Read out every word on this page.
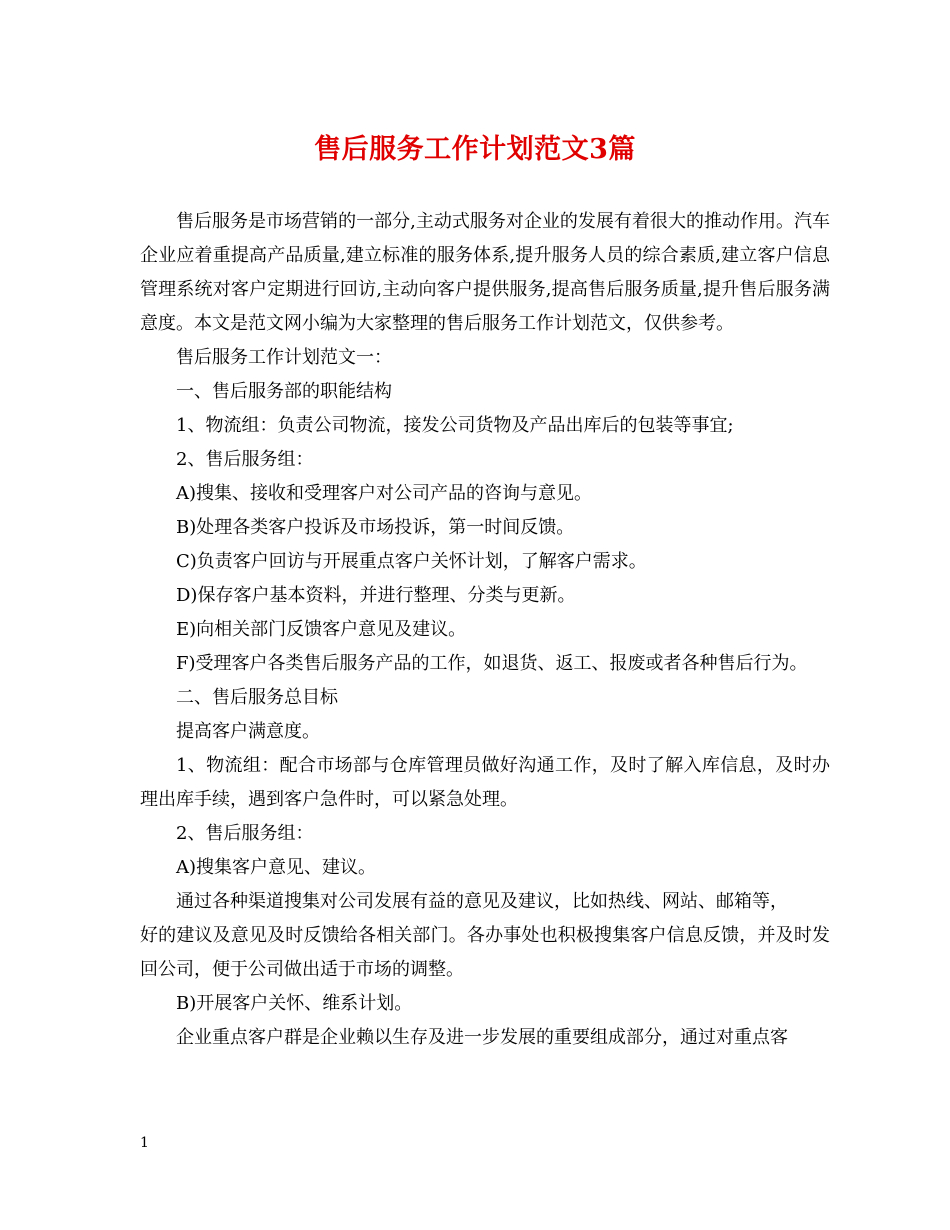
售后服务工作计划范文3篇

售后服务是市场营销的一部分,主动式服务对企业的发展有着很大的推动作用。汽车企业应着重提高产品质量,建立标准的服务体系,提升服务人员的综合素质,建立客户信息管理系统对客户定期进行回访,主动向客户提供服务,提高售后服务质量,提升售后服务满意度。本文是范文网小编为大家整理的售后服务工作计划范文，仅供参考。

售后服务工作计划范文一：

一、售后服务部的职能结构

1、物流组：负责公司物流，接发公司货物及产品出库后的包装等事宜;

2、售后服务组：

A)搜集、接收和受理客户对公司产品的咨询与意见。

B)处理各类客户投诉及市场投诉，第一时间反馈。

C)负责客户回访与开展重点客户关怀计划，了解客户需求。

D)保存客户基本资料，并进行整理、分类与更新。

E)向相关部门反馈客户意见及建议。

F)受理客户各类售后服务产品的工作，如退货、返工、报废或者各种售后行为。

二、售后服务总目标

提高客户满意度。

1、物流组：配合市场部与仓库管理员做好沟通工作，及时了解入库信息，及时办理出库手续，遇到客户急件时，可以紧急处理。

2、售后服务组：

A)搜集客户意见、建议。

通过各种渠道搜集对公司发展有益的意见及建议，比如热线、网站、邮箱等，

好的建议及意见及时反馈给各相关部门。各办事处也积极搜集客户信息反馈，并及时发回公司，便于公司做出适于市场的调整。

B)开展客户关怀、维系计划。

企业重点客户群是企业赖以生存及进一步发展的重要组成部分，通过对重点客

1
